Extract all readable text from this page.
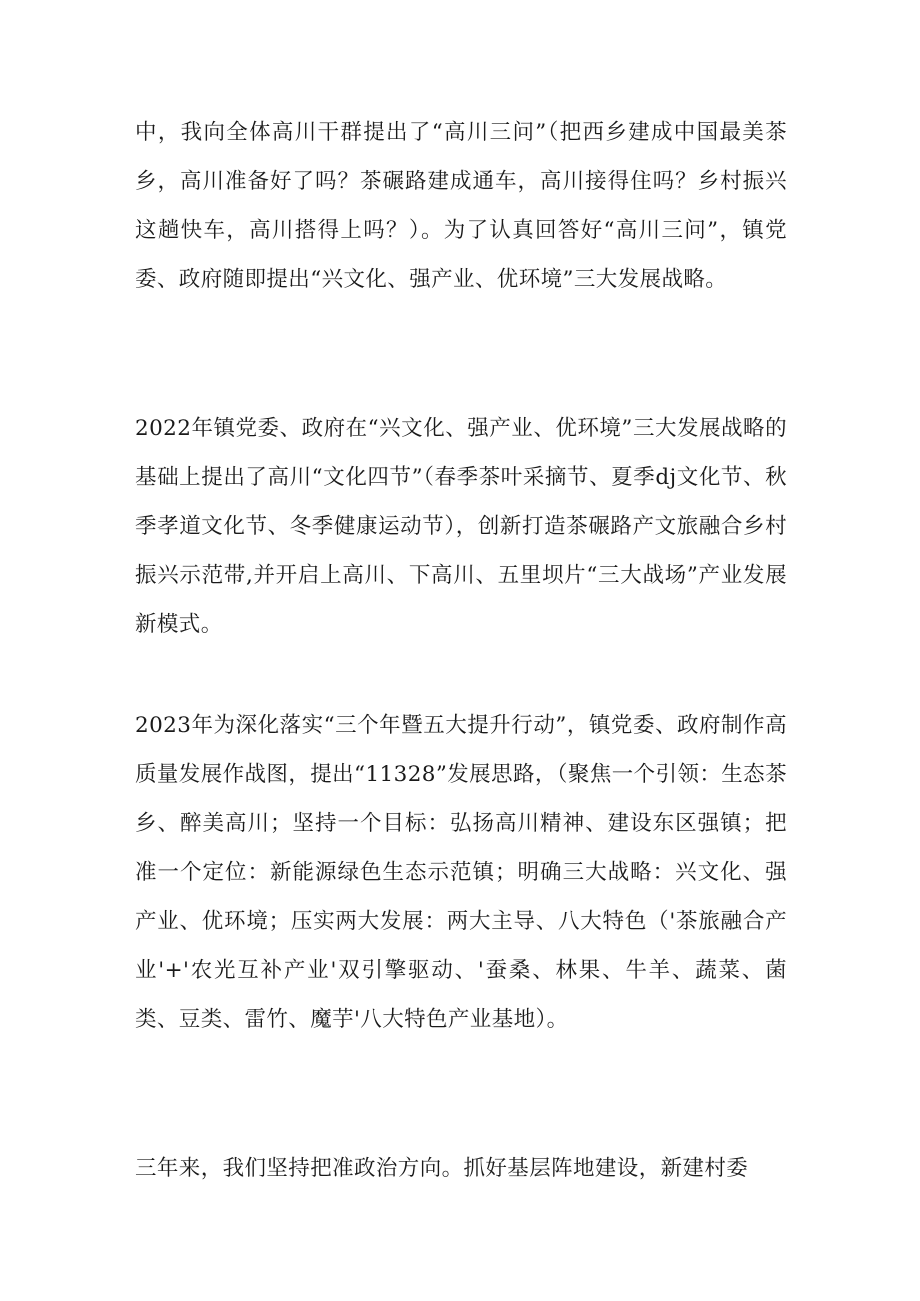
中，我向全体高川干群提出了“高川三问”（把西乡建成中国最美茶乡，高川准备好了吗？茶碾路建成通车，高川接得住吗？乡村振兴这趟快车，高川搭得上吗？）。为了认真回答好“高川三问”，镇党委、政府随即提出“兴文化、强产业、优环境”三大发展战略。

2022年镇党委、政府在“兴文化、强产业、优环境”三大发展战略的基础上提出了高川“文化四节”（春季茶叶采摘节、夏季dj文化节、秋季孝道文化节、冬季健康运动节），创新打造茶碾路产文旅融合乡村振兴示范带,并开启上高川、下高川、五里坝片“三大战场”产业发展新模式。

2023年为深化落实“三个年暨五大提升行动”，镇党委、政府制作高质量发展作战图，提出“11328”发展思路，（聚焦一个引领：生态茶乡、醉美高川；坚持一个目标：弘扬高川精神、建设东区强镇；把准一个定位：新能源绿色生态示范镇；明确三大战略：兴文化、强产业、优环境；压实两大发展：两大主导、八大特色（'茶旅融合产业'+'农光互补产业'双引擎驱动、'蚕桑、林果、牛羊、蔬菜、菌类、豆类、雷竹、魔芋'八大特色产业基地）。

三年来，我们坚持把准政治方向。抓好基层阵地建设，新建村委
